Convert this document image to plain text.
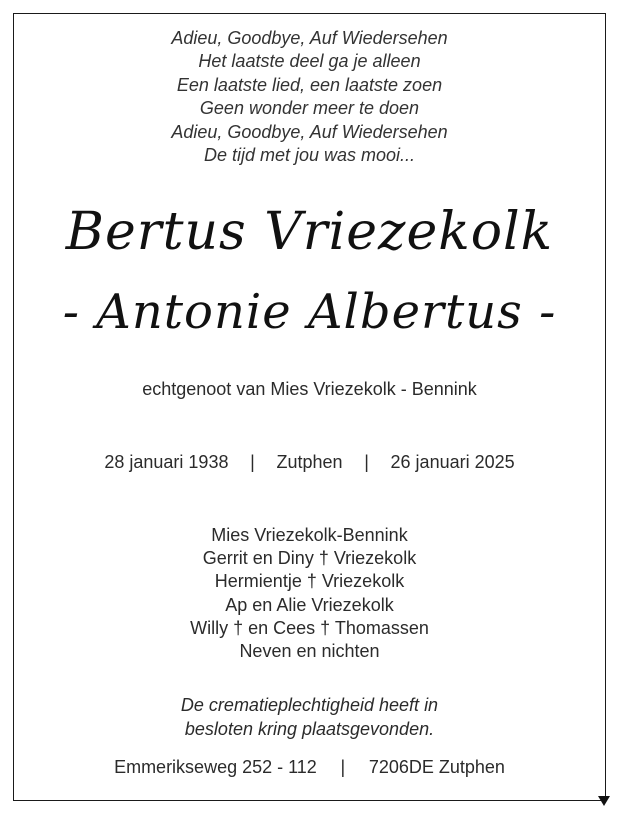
Adieu, Goodbye, Auf Wiedersehen
Het laatste deel ga je alleen
Een laatste lied, een laatste zoen
Geen wonder meer te doen
Adieu, Goodbye, Auf Wiedersehen
De tijd met jou was mooi...
Bertus Vriezekolk
- Antonie Albertus -
echtgenoot van Mies Vriezekolk - Bennink
28 januari 1938 | Zutphen | 26 januari 2025
Mies Vriezekolk-Bennink
Gerrit en Diny † Vriezekolk
Hermientje † Vriezekolk
Ap en Alie Vriezekolk
Willy † en Cees † Thomassen
Neven en nichten
De crematieplechtigheid heeft in
besloten kring plaatsgevonden.
Emmerikseweg 252 - 112 | 7206DE Zutphen
